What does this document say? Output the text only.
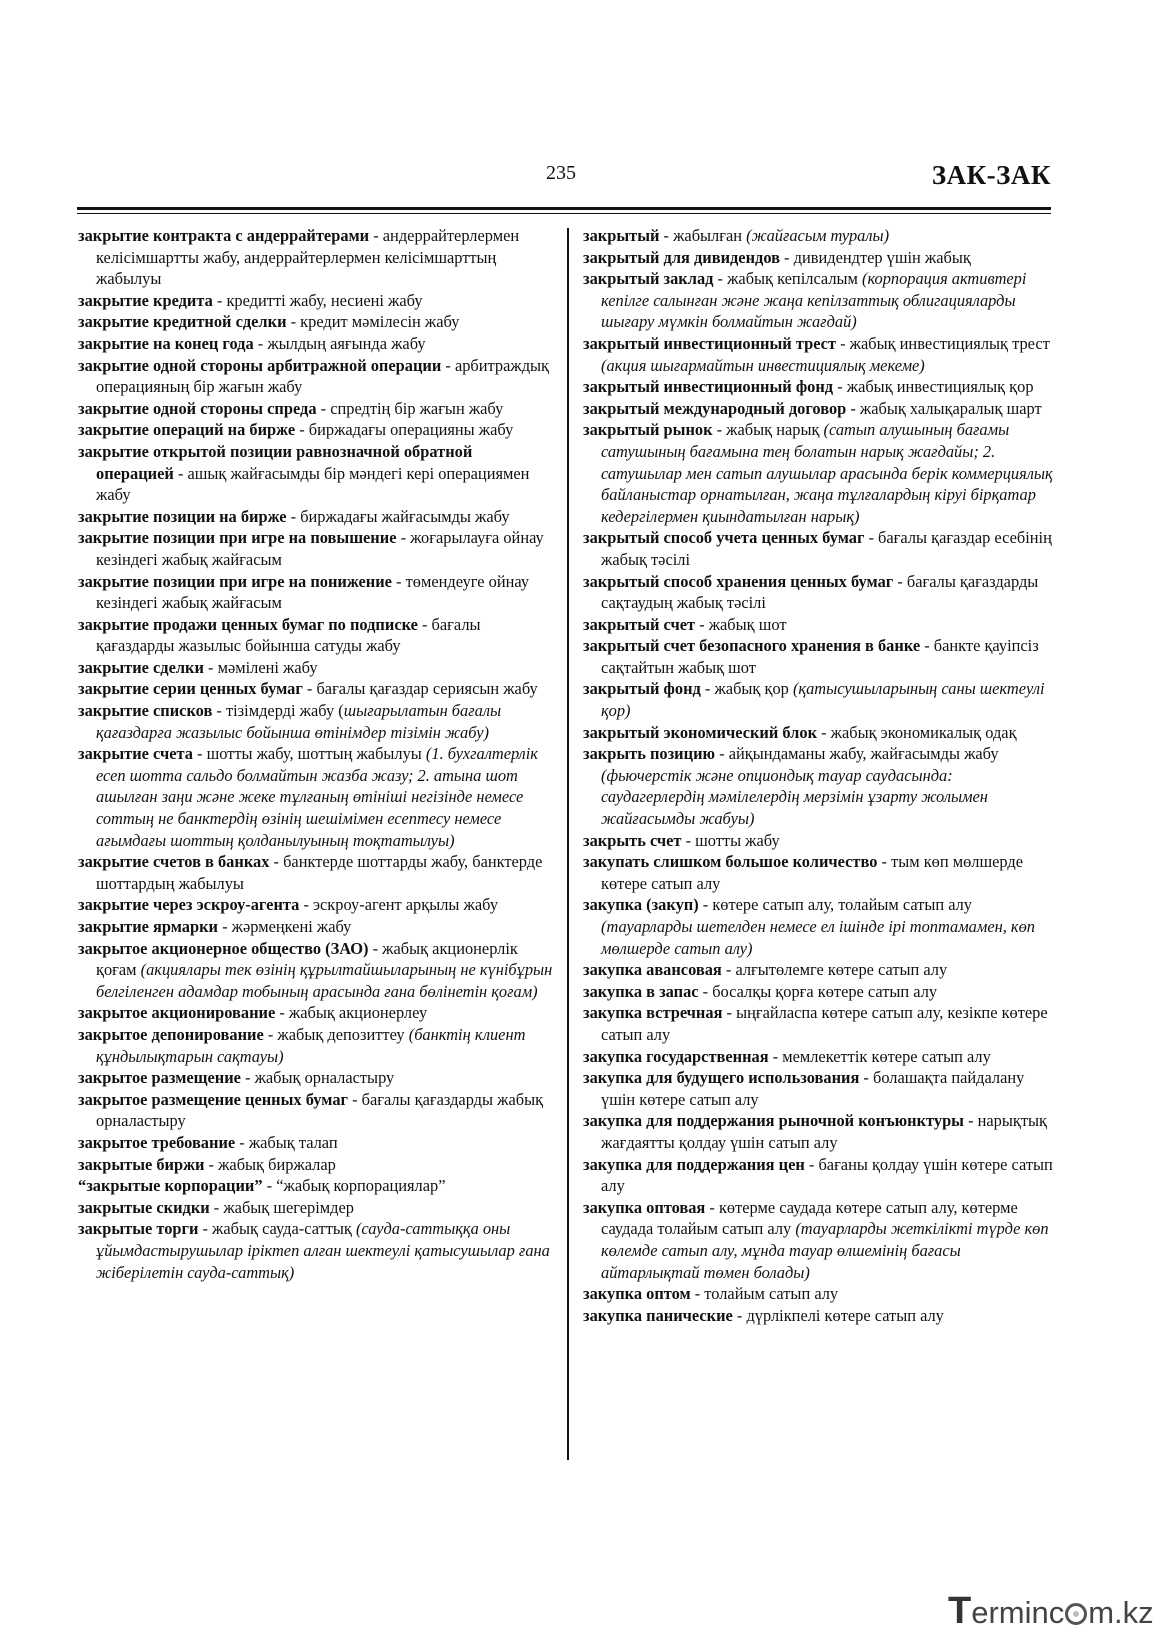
235	ЗАК-ЗАК

закрытие контракта с андеррайтерами - андеррайтерлермен келісімшартты жабу, андеррайтерлермен келісімшарттың жабылуы

закрытие кредита - кредитті жабу, несиені жабу

закрытие кредитной сделки - кредит мәмілесін жабу

закрытие на конец года - жылдың аяғында жабу

закрытие одной стороны арбитражной операции - арбитраждық операцияның бір жағын жабу

закрытие одной стороны спреда - спредтің бір жағын жабу

закрытие операций на бирже - биржадағы операцияны жабу

закрытие открытой позиции равнозначной обратной операцией - ашық жайғасымды бір мәндегі кері операциямен жабу

закрытие позиции на бирже - биржадағы жайғасымды жабу

закрытие позиции при игре на повышение - жоғарылауға ойнау кезіндегі жабық жайғасым

закрытие позиции при игре на понижение - төмендеуге ойнау кезіндегі жабық жайғасым

закрытие продажи ценных бумаг по подписке - бағалы қағаздарды жазылыс бойынша сатуды жабу

закрытие сделки - мәмілені жабу

закрытие серии ценных бумаг - бағалы қағаздар сериясын жабу

закрытие списков - тізімдерді жабу (шығарылатын бағалы қағаздарға жазылыс бойынша өтінімдер тізімін жабу)

закрытие счета - шотты жабу, шоттың жабылуы (1. бухгалтерлік есеп шотта сальдо болмайтын жазба жазу; 2. атына шот ашылған заңи және жеке тұлғаның өтініші негізінде немесе соттың не банктердің өзінің шешімімен есептесу немесе ағымдағы шоттың қолданылуының тоқтатылуы)

закрытие счетов в банках - банктерде шоттарды жабу, банктерде шоттардың жабылуы

закрытие через эскроу-агента - эскроу-агент арқылы жабу

закрытие ярмарки - жәрмеңкені жабу

закрытое акционерное общество (ЗАО) - жабық акционерлік қоғам (акциялары тек өзінің құрылтайшыларының не күнібұрын белгіленген адамдар тобының арасында ғана бөлінетін қоғам)

закрытое акционирование - жабық акционерлеу

закрытое депонирование - жабық депозиттеу (банктің клиент құндылықтарын сақтауы)

закрытое размещение - жабық орналастыру

закрытое размещение ценных бумаг - бағалы қағаздарды жабық орналастыру

закрытое требование - жабық талап

закрытые биржи - жабық биржалар

“закрытые корпорации” - “жабық корпорациялар”

закрытые скидки - жабық шегерімдер

закрытые торги - жабық сауда-саттық (сауда-саттыққа оны ұйымдастырушылар іріктеп алған шектеулі қатысушылар ғана жіберілетін сауда-саттық)

закрытый - жабылған (жайғасым туралы)

закрытый для дивидендов - дивидендтер үшін жабық

закрытый заклад - жабық кепілсалым (корпорация активтері кепілге салынған және жаңа кепілзаттық облигацияларды шығару мүмкін болмайтын жағдай)

закрытый инвестиционный трест - жабық инвестициялық трест (акция шығармайтын инвестициялық мекеме)

закрытый инвестиционный фонд - жабық инвестициялық қор

закрытый международный договор - жабық халықаралық шарт

закрытый рынок - жабық нарық (сатып алушының бағамы сатушының бағамына тең болатын нарық жағдайы; 2. сатушылар мен сатып алушылар арасында берік коммерциялық байланыстар орнатылған, жаңа тұлғалардың кіруі бірқатар кедергілермен қиындатылған нарық)

закрытый способ учета ценных бумаг - бағалы қағаздар есебінің жабық тәсілі

закрытый способ хранения ценных бумаг - бағалы қағаздарды сақтаудың жабық тәсілі

закрытый счет - жабық шот

закрытый счет безопасного хранения в банке - банкте қауіпсіз сақтайтын жабық шот

закрытый фонд - жабық қор (қатысушыларының саны шектеулі қор)

закрытый экономический блок - жабық экономикалық одақ

закрыть позицию - айқындаманы жабу, жайғасымды жабу (фьючерстік және опциондық тауар саудасында: саудагерлердің мәмілелердің мерзімін ұзарту жолымен жайғасымды жабуы)

закрыть счет - шотты жабу

закупать слишком большое количество - тым көп мөлшерде көтере сатып алу

закупка (закуп) - көтере сатып алу, толайым сатып алу (тауарларды шетелден немесе ел ішінде ірі топтамамен, көп мөлшерде сатып алу)

закупка авансовая - алғытөлемге көтере сатып алу

закупка в запас - босалқы қорға көтере сатып алу

закупка встречная - ыңғайласпа көтере сатып алу, кезікпе көтере сатып алу

закупка государственная - мемлекеттік көтере сатып алу

закупка для будущего использования - болашақта пайдалану үшін көтере сатып алу

закупка для поддержания рыночной конъюнктуры - нарықтық жағдаятты қолдау үшін сатып алу

закупка для поддержания цен - бағаны қолдау үшін көтере сатып алу

закупка оптовая - көтерме саудада көтере сатып алу, көтерме саудада толайым сатып алу (тауарларды жеткілікті түрде көп көлемде сатып алу, мұнда тауар өлшемінің бағасы айтарлықтай төмен болады)

закупка оптом - толайым сатып алу

закупка панические - дүрлікпелі көтере сатып алу

Terminc m.kz
